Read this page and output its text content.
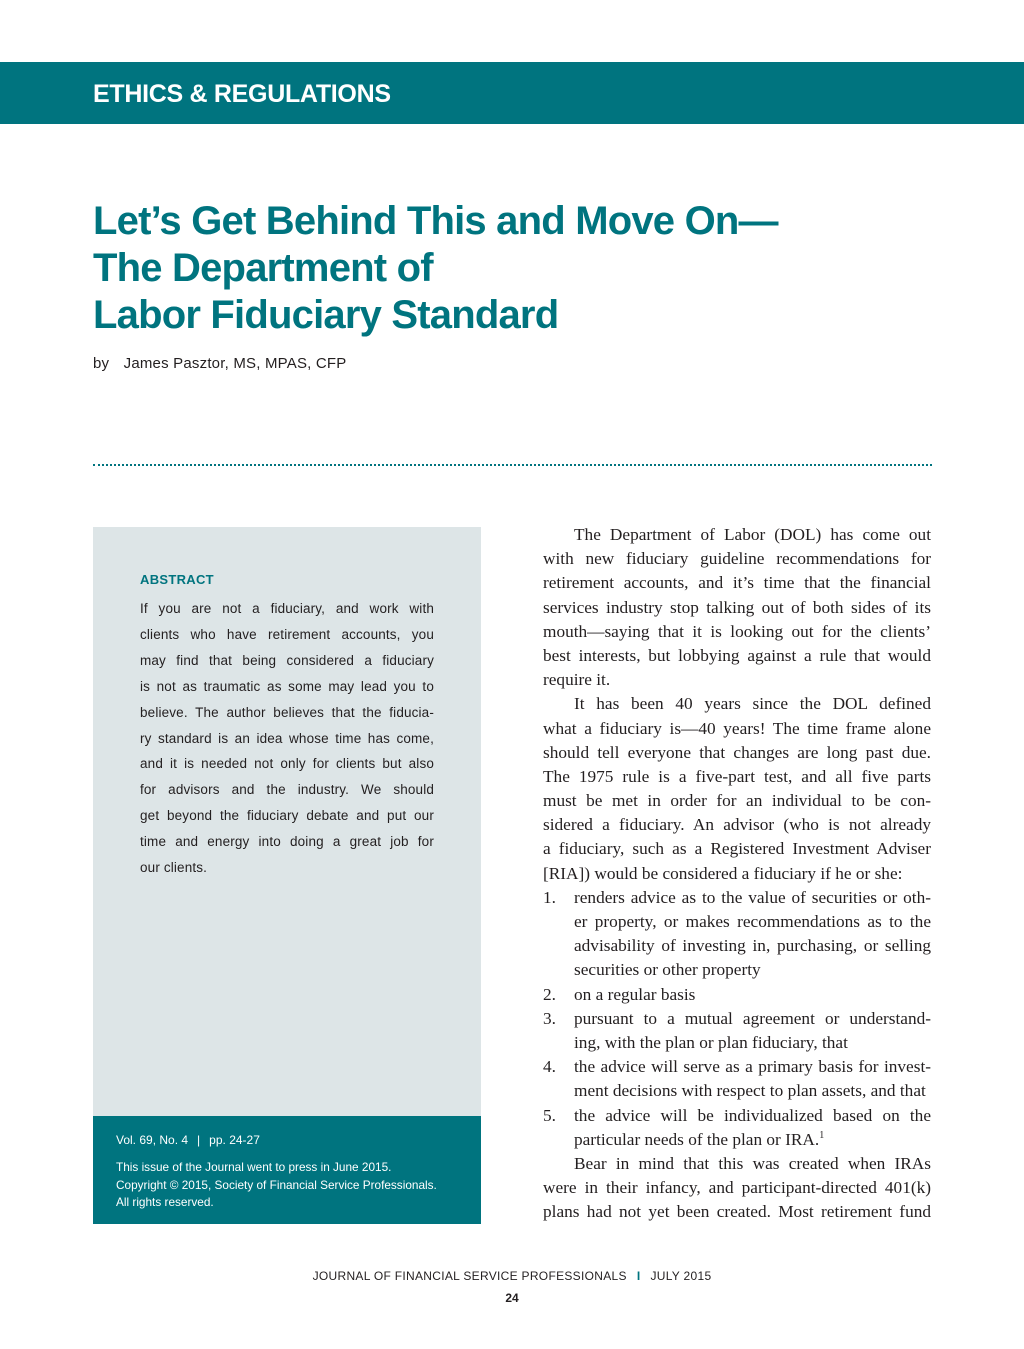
ETHICS & REGULATIONS
Let’s Get Behind This and Move On—
The Department of
Labor Fiduciary Standard
by James Pasztor, MS, MPAS, CFP
ABSTRACT
If you are not a fiduciary, and work with
clients who have retirement accounts, you
may find that being considered a fiduciary
is not as traumatic as some may lead you to
believe. The author believes that the fiducia-
ry standard is an idea whose time has come,
and it is needed not only for clients but also
for advisors and the industry. We should
get beyond the fiduciary debate and put our
time and energy into doing a great job for
our clients.
Vol. 69, No. 4 | pp. 24-27
This issue of the Journal went to press in June 2015.
Copyright © 2015, Society of Financial Service Professionals.
All rights reserved.
The Department of Labor (DOL) has come out
with new fiduciary guideline recommendations for
retirement accounts, and it’s time that the financial
services industry stop talking out of both sides of its
mouth—saying that it is looking out for the clients’
best interests, but lobbying against a rule that would
require it.
It has been 40 years since the DOL defined
what a fiduciary is—40 years! The time frame alone
should tell everyone that changes are long past due.
The 1975 rule is a five-part test, and all five parts
must be met in order for an individual to be con-
sidered a fiduciary. An advisor (who is not already
a fiduciary, such as a Registered Investment Adviser
[RIA]) would be considered a fiduciary if he or she:
1. renders advice as to the value of securities or oth-
er property, or makes recommendations as to the
advisability of investing in, purchasing, or selling
securities or other property
2. on a regular basis
3. pursuant to a mutual agreement or understand-
ing, with the plan or plan fiduciary, that
4. the advice will serve as a primary basis for invest-
ment decisions with respect to plan assets, and that
5. the advice will be individualized based on the
particular needs of the plan or IRA.$^1$
Bear in mind that this was created when IRAs
were in their infancy, and participant-directed 401(k)
plans had not yet been created. Most retirement fund
JOURNAL OF FINANCIAL SERVICE PROFESSIONALS I JULY 2015
24
